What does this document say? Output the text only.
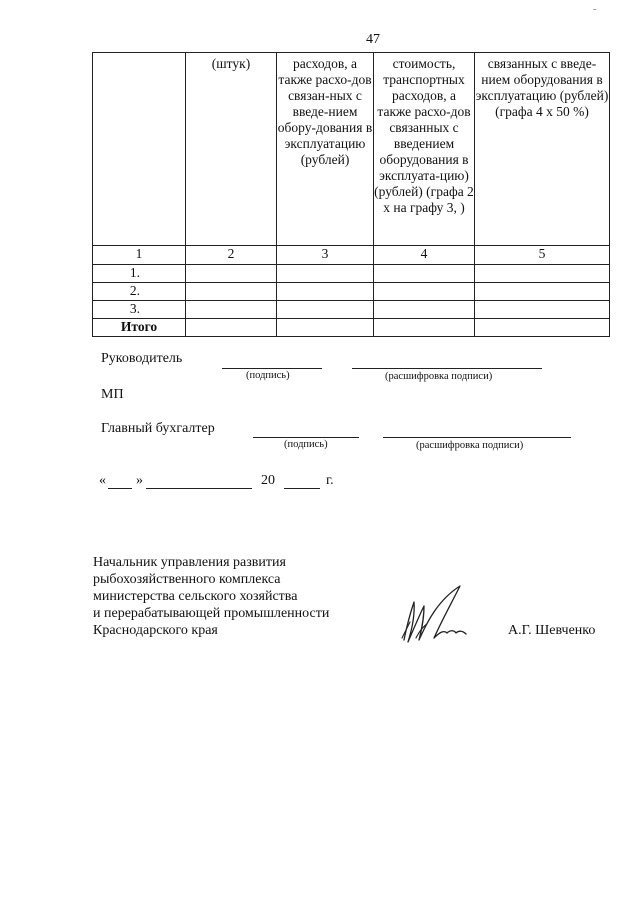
-
47

	(штук)	расходов, а также расхо-дов связан-ных с введе-нием обору-дования в эксплуатацию (рублей)	стоимость, транспортных расходов, а также расхо-дов связанных с введением оборудования в эксплуата-цию) (рублей) (графа 2 х на графу 3, )	связанных с введе-нием оборудования в эксплуатацию (рублей) (графа 4 х 50 %)

1	2	3	4	5
1.				
2.				
3.				
Итого				
Руководитель
(подпись)	(расшифровка подписи)
МП
Главный бухгалтер
(подпись)	(расшифровка подписи)
« »	20	г.
Начальник управления развития
рыбохозяйственного комплекса
министерства сельского хозяйства
и перерабатывающей промышленности
Краснодарского края	А.Г. Шевченко
